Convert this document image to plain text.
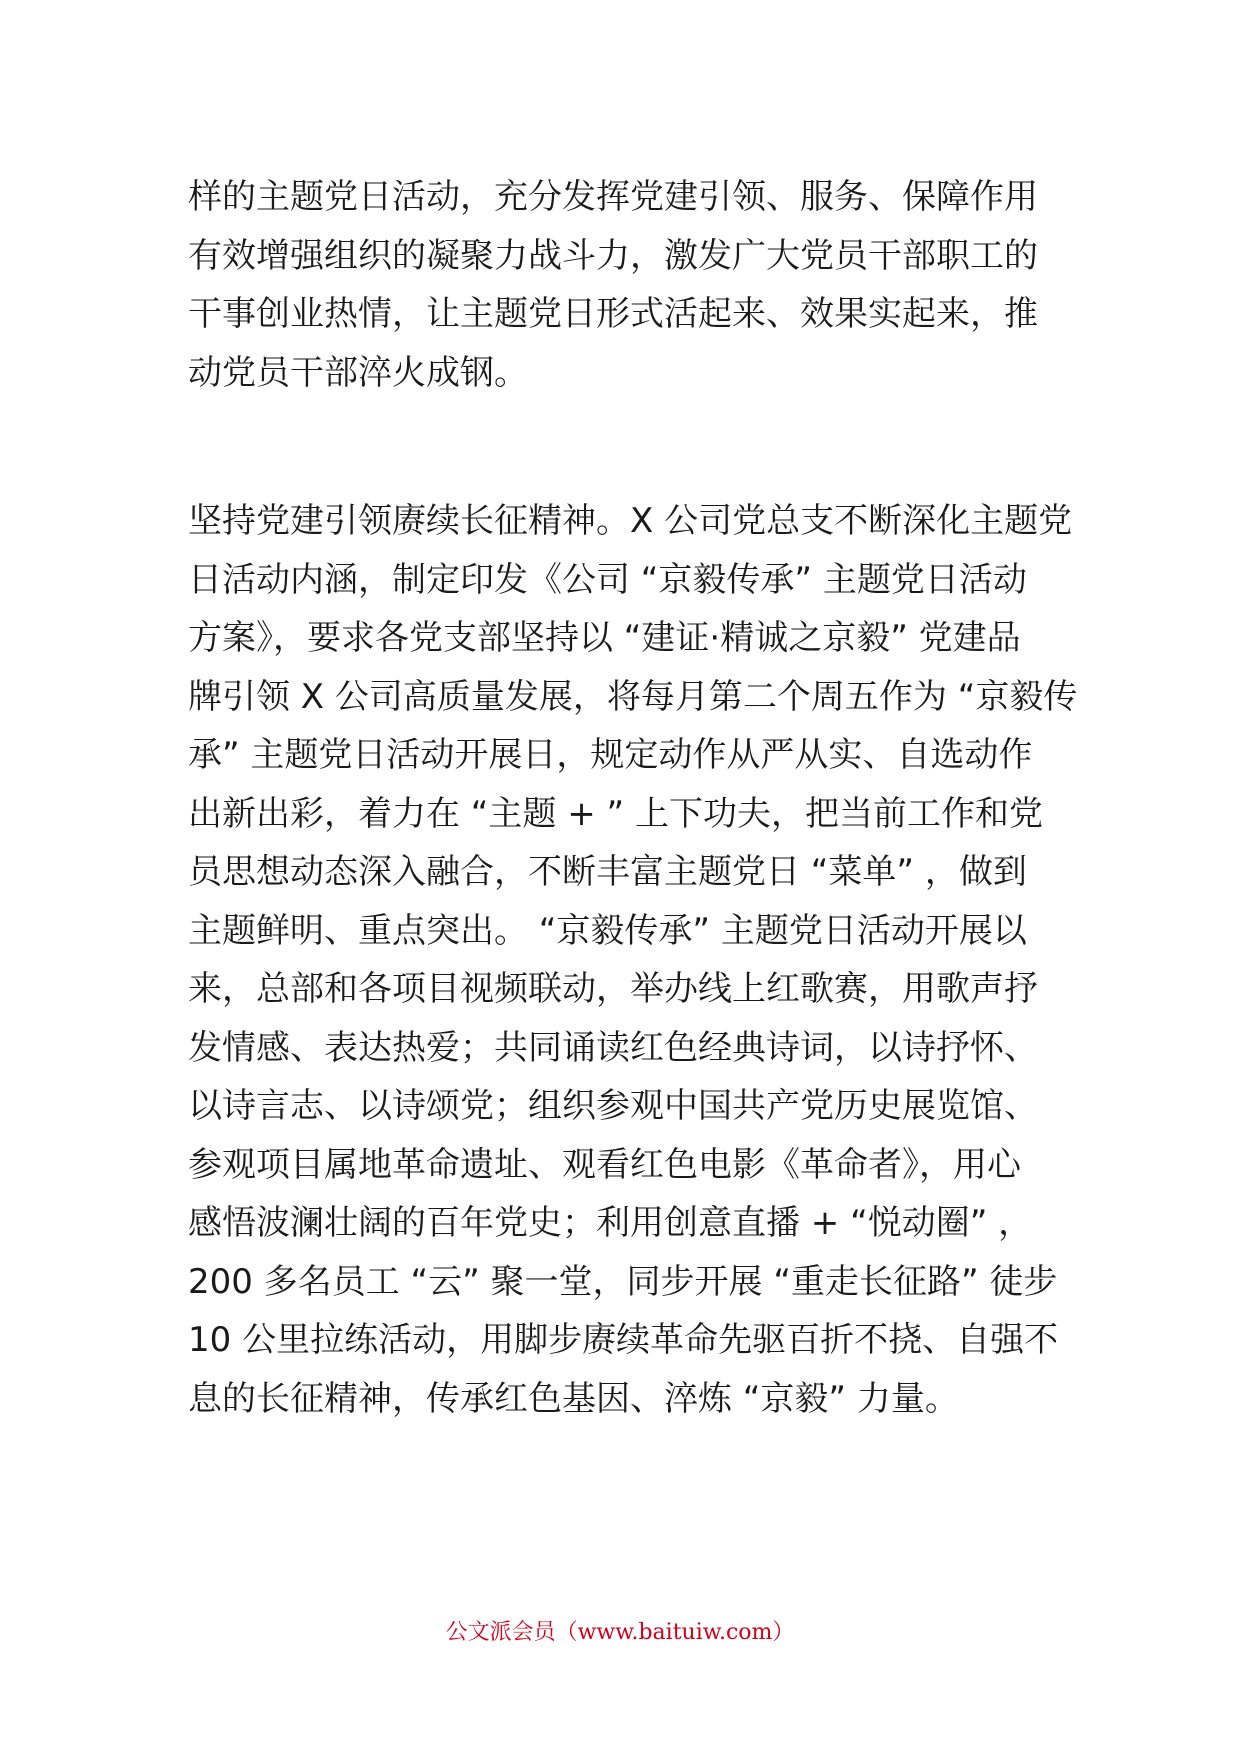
样的主题党日活动，充分发挥党建引领、服务、保障作用
有效增强组织的凝聚力战斗力，激发广大党员干部职工的
干事创业热情，让主题党日形式活起来、效果实起来，推
动党员干部淬火成钢。
坚持党建引领赓续长征精神。X 公司党总支不断深化主题党
日活动内涵，制定印发《公司 “京毅传承” 主题党日活动
方案》，要求各党支部坚持以 “建证·精诚之京毅” 党建品
牌引领 X 公司高质量发展，将每月第二个周五作为 “京毅传
承” 主题党日活动开展日，规定动作从严从实、自选动作
出新出彩，着力在 “主题 + ” 上下功夫，把当前工作和党
员思想动态深入融合，不断丰富主题党日 “菜单” ，做到
主题鲜明、重点突出。 “京毅传承” 主题党日活动开展以
来，总部和各项目视频联动，举办线上红歌赛，用歌声抒
发情感、表达热爱；共同诵读红色经典诗词，以诗抒怀、
以诗言志、以诗颂党；组织参观中国共产党历史展览馆、
参观项目属地革命遗址、观看红色电影《革命者》，用心
感悟波澜壮阔的百年党史；利用创意直播 + “悦动圈” ，
200 多名员工 “云” 聚一堂，同步开展 “重走长征路” 徒步
10 公里拉练活动，用脚步赓续革命先驱百折不挠、自强不
息的长征精神，传承红色基因、淬炼 “京毅” 力量。
公文派会员（www.baituiw.com）
